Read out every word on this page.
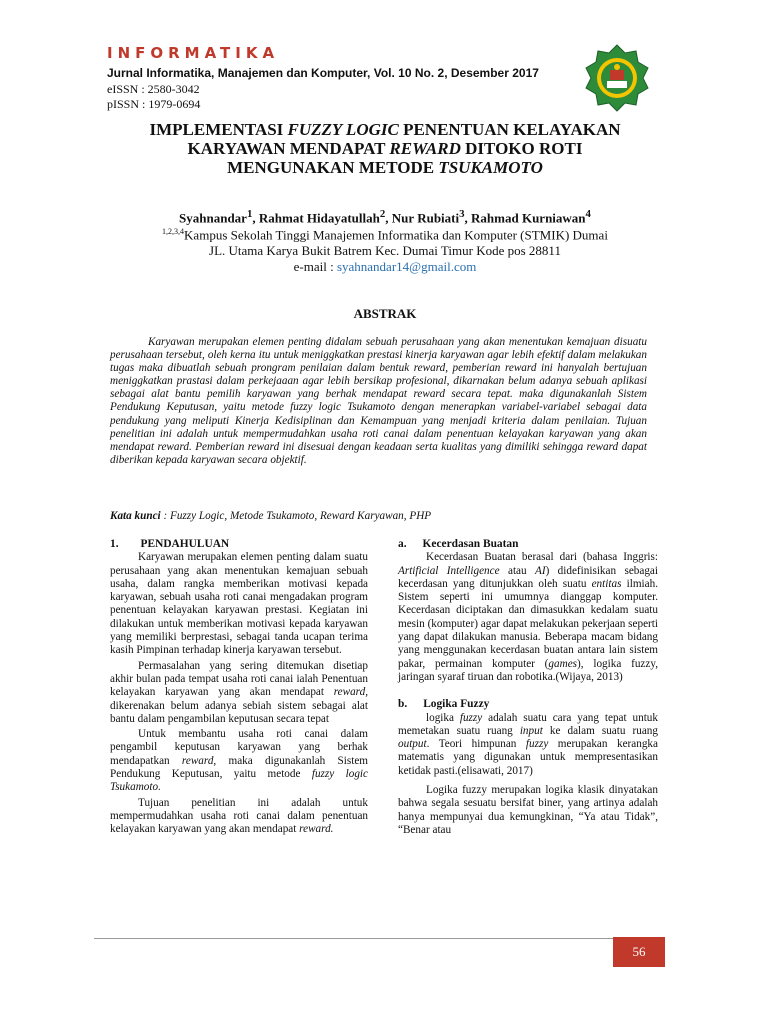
INFORMATIKA
Jurnal Informatika, Manajemen dan Komputer, Vol. 10 No. 2, Desember 2017
eISSN : 2580-3042
pISSN : 1979-0694
IMPLEMENTASI FUZZY LOGIC PENENTUAN KELAYAKAN
KARYAWAN MENDAPAT REWARD DITOKO ROTI
MENGUNAKAN METODE TSUKAMOTO
Syahnandar$^1$, Rahmat Hidayatullah$^2$, Nur Rubiati$^3$, Rahmad Kurniawan$^4$
$^{1,2,3,4}$Kampus Sekolah Tinggi Manajemen Informatika dan Komputer (STMIK) Dumai
JL. Utama Karya Bukit Batrem Kec. Dumai Timur Kode pos 28811
e-mail : syahnandar14@gmail.com
ABSTRAK
Karyawan merupakan elemen penting didalam sebuah perusahaan yang akan menentukan kemajuan disuatu perusahaan tersebut, oleh kerna itu untuk meniggkatkan prestasi kinerja karyawan agar lebih efektif dalam melakukan tugas maka dibuatlah sebuah prongram penilaian dalam bentuk reward, pemberian reward ini hanyalah bertujuan meniggkatkan prastasi dalam perkejaaan agar lebih bersikap profesional, dikarnakan belum adanya sebuah aplikasi sebagai alat bantu pemilih karyawan yang berhak mendapat reward secara tepat. maka digunakanlah Sistem Pendukung Keputusan, yaitu metode fuzzy logic Tsukamoto dengan menerapkan variabel-variabel sebagai data pendukung yang meliputi Kinerja Kedisiplinan dan Kemampuan yang menjadi kriteria dalam penilaian. Tujuan penelitian ini adalah untuk mempermudahkan usaha roti canai dalam penentuan kelayakan karyawan yang akan mendapat reward. Pemberian reward ini disesuai dengan keadaan serta kualitas yang dimiliki sehingga reward dapat diberikan kepada karyawan secara objektif.
Kata kunci : Fuzzy Logic, Metode Tsukamoto, Reward Karyawan, PHP
1. PENDAHULUAN

Karyawan merupakan elemen penting dalam suatu perusahaan yang akan menentukan kemajuan sebuah usaha, dalam rangka memberikan motivasi kepada karyawan, sebuah usaha roti canai mengadakan program penentuan kelayakan karyawan prestasi. Kegiatan ini dilakukan untuk memberikan motivasi kepada karyawan yang memiliki berprestasi, sebagai tanda ucapan terima kasih Pimpinan terhadap kinerja karyawan tersebut.

Permasalahan yang sering ditemukan disetiap akhir bulan pada tempat usaha roti canai ialah Penentuan kelayakan karyawan yang akan mendapat reward, dikerenakan belum adanya sebiah sistem sebagai alat bantu dalam pengambilan keputusan secara tepat

Untuk membantu usaha roti canai dalam pengambil keputusan karyawan yang berhak mendapatkan reward, maka digunakanlah Sistem Pendukung Keputusan, yaitu metode fuzzy logic Tsukamoto.

Tujuan penelitian ini adalah untuk mempermudahkan usaha roti canai dalam penentuan kelayakan karyawan yang akan mendapat reward.

a. Kecerdasan Buatan

Kecerdasan Buatan berasal dari (bahasa Inggris: Artificial Intelligence atau AI) didefinisikan sebagai kecerdasan yang ditunjukkan oleh suatu entitas ilmiah. Sistem seperti ini umumnya dianggap komputer. Kecerdasan diciptakan dan dimasukkan kedalam suatu mesin (komputer) agar dapat melakukan pekerjaan seperti yang dapat dilakukan manusia. Beberapa macam bidang yang menggunakan kecerdasan buatan antara lain sistem pakar, permainan komputer (games), logika fuzzy, jaringan syaraf tiruan dan robotika.(Wijaya, 2013)

b. Logika Fuzzy

logika fuzzy adalah suatu cara yang tepat untuk memetakan suatu ruang input ke dalam suatu ruang output. Teori himpunan fuzzy merupakan kerangka matematis yang digunakan untuk mempresentasikan ketidak pasti.(elisawati, 2017)

Logika fuzzy merupakan logika klasik dinyatakan bahwa segala sesuatu bersifat biner, yang artinya adalah hanya mempunyai dua kemungkinan, “Ya atau Tidak”, “Benar atau

56
